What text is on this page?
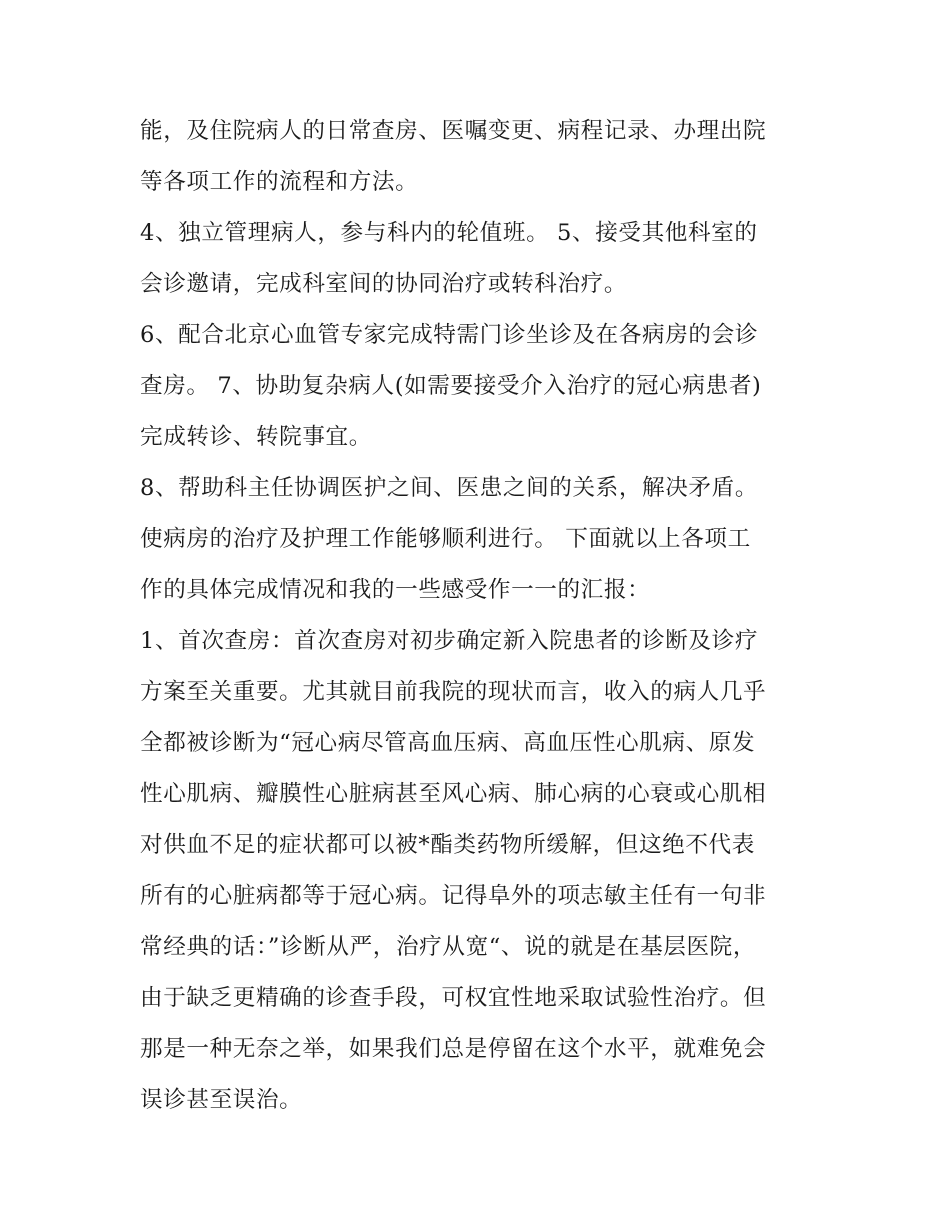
能，及住院病人的日常查房、医嘱变更、病程记录、办理出院
等各项工作的流程和方法。
4、独立管理病人，参与科内的轮值班。 5、接受其他科室的
会诊邀请，完成科室间的协同治疗或转科治疗。
6、配合北京心血管专家完成特需门诊坐诊及在各病房的会诊
查房。 7、协助复杂病人(如需要接受介入治疗的冠心病患者)
完成转诊、转院事宜。
8、帮助科主任协调医护之间、医患之间的关系，解决矛盾。
使病房的治疗及护理工作能够顺利进行。 下面就以上各项工
作的具体完成情况和我的一些感受作一一的汇报：
1、首次查房：首次查房对初步确定新入院患者的诊断及诊疗
方案至关重要。尤其就目前我院的现状而言，收入的病人几乎
全都被诊断为“冠心病尽管高血压病、高血压性心肌病、原发
性心肌病、瓣膜性心脏病甚至风心病、肺心病的心衰或心肌相
对供血不足的症状都可以被*酯类药物所缓解，但这绝不代表
所有的心脏病都等于冠心病。记得阜外的项志敏主任有一句非
常经典的话：”诊断从严，治疗从宽“、说的就是在基层医院，
由于缺乏更精确的诊查手段，可权宜性地采取试验性治疗。但
那是一种无奈之举，如果我们总是停留在这个水平，就难免会
误诊甚至误治。
